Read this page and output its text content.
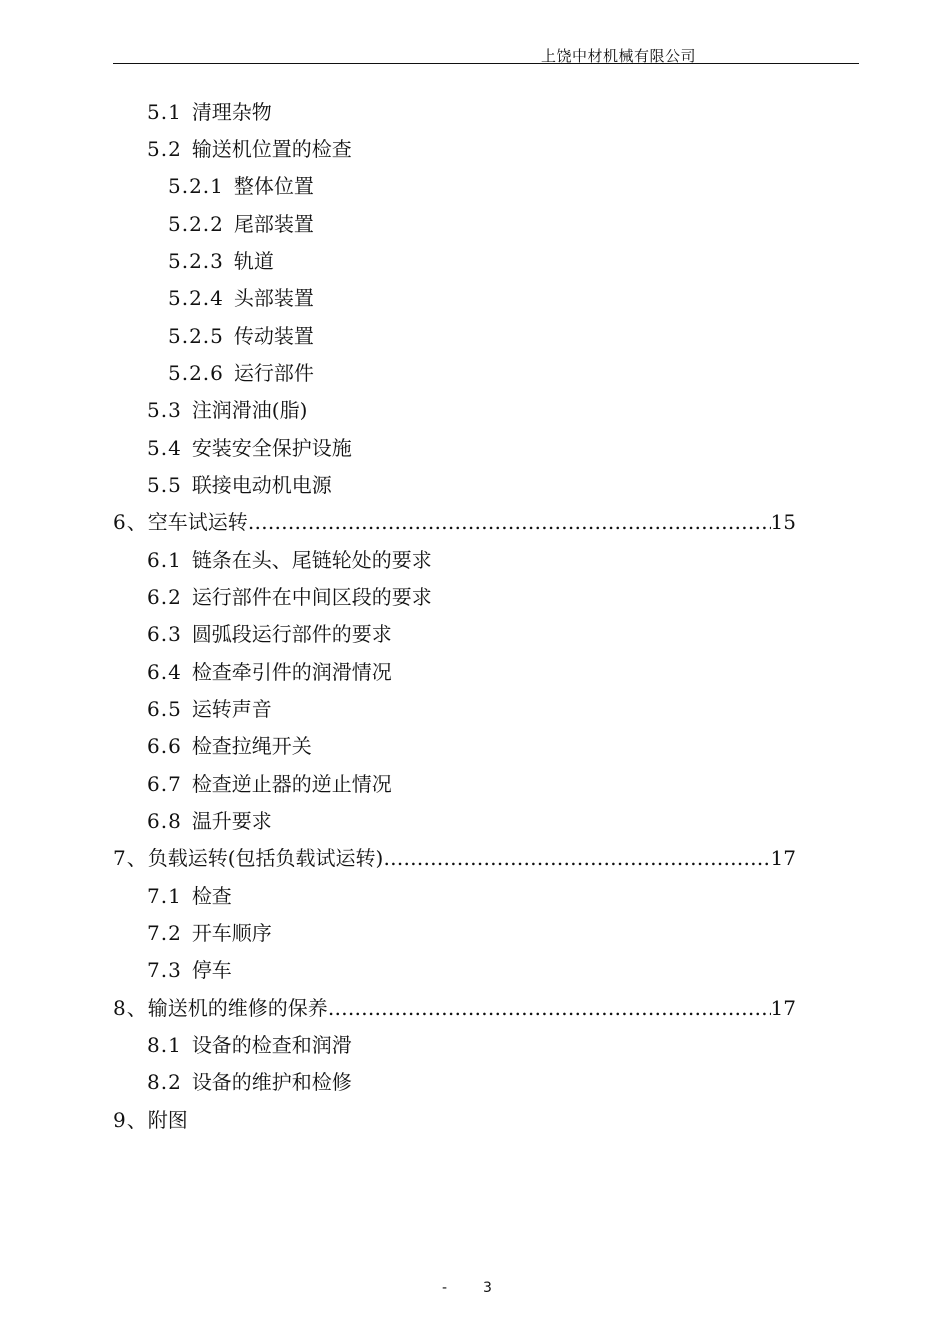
上饶中材机械有限公司
5.1 清理杂物
5.2 输送机位置的检查
5.2.1 整体位置
5.2.2 尾部装置
5.2.3 轨道
5.2.4 头部装置
5.2.5 传动装置
5.2.6 运行部件
5.3 注润滑油(脂)
5.4 安装安全保护设施
5.5 联接电动机电源
6、空车试运转 …………………………………………………………………………………………………………………………………………………………………	15
6.1 链条在头、尾链轮处的要求
6.2 运行部件在中间区段的要求
6.3 圆弧段运行部件的要求
6.4 检查牵引件的润滑情况
6.5 运转声音
6.6 检查拉绳开关
6.7 检查逆止器的逆止情况
6.8 温升要求
7、负载运转(包括负载试运转) …………………………………………………………………………………………………………………………………………………………………	17
7.1 检查
7.2 开车顺序
7.3 停车
8、输送机的维修的保养 …………………………………………………………………………………………………………………………………………………………………	17
8.1 设备的检查和润滑
8.2 设备的维护和检修
9、附图
-	3
